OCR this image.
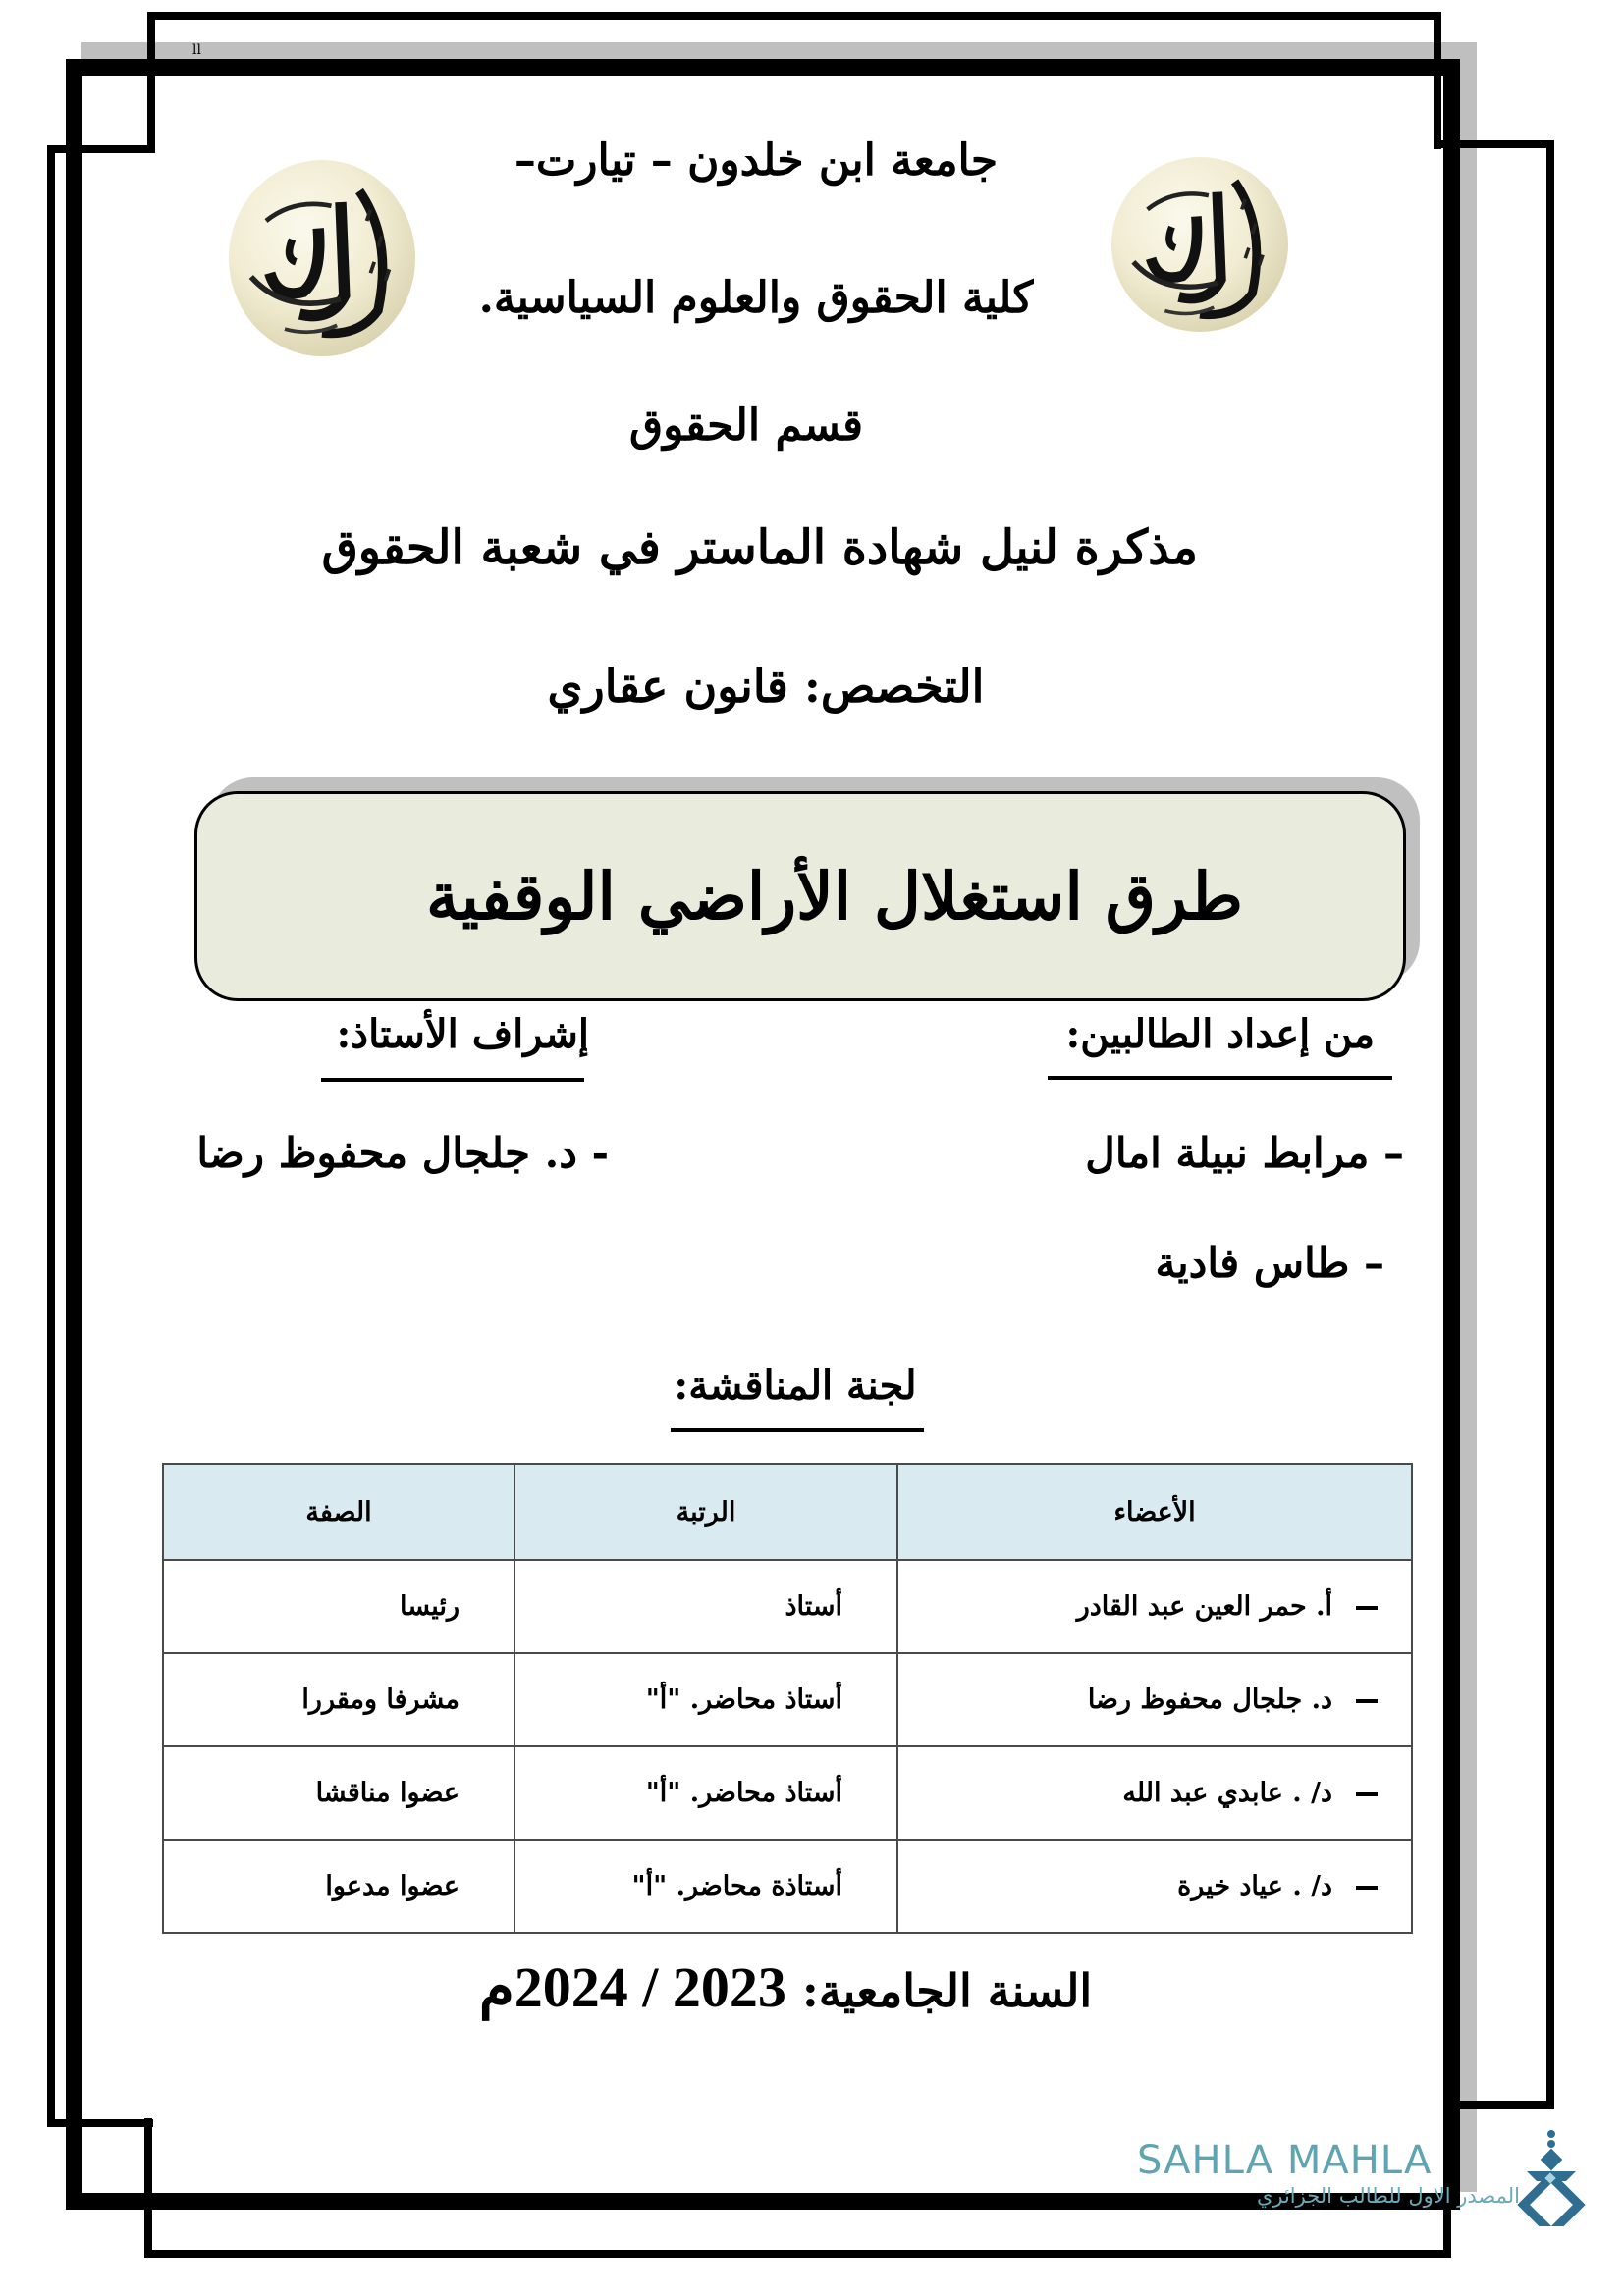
ll
جامعة ابن خلدون – تيارت–
كلية الحقوق والعلوم السياسية.
قسم الحقوق
مذكرة لنيل شهادة الماستر في شعبة الحقوق
التخصص: قانون عقاري
طرق استغلال الأراضي الوقفية
من إعداد الطالبين:
إشراف الأستاذ:
– مرابط نبيلة امال
– طاس فادية
- د. جلجال محفوظ رضا
لجنة المناقشة:
الأعضاء	الرتبة	الصفة
أ. حمر العين عبد القادر	أستاذ	رئيسا
د. جلجال محفوظ رضا	أستاذ محاضر. "أ"	مشرفا ومقررا
د/ . عابدي عبد الله	أستاذ محاضر. "أ"	عضوا مناقشا
د/ . عياد خيرة	أستاذة محاضر. "أ"	عضوا مدعوا
السنة الجامعية: 2023 / 2024م
SAHLA MAHLA
المصدر الاول للطالب الجزائري
